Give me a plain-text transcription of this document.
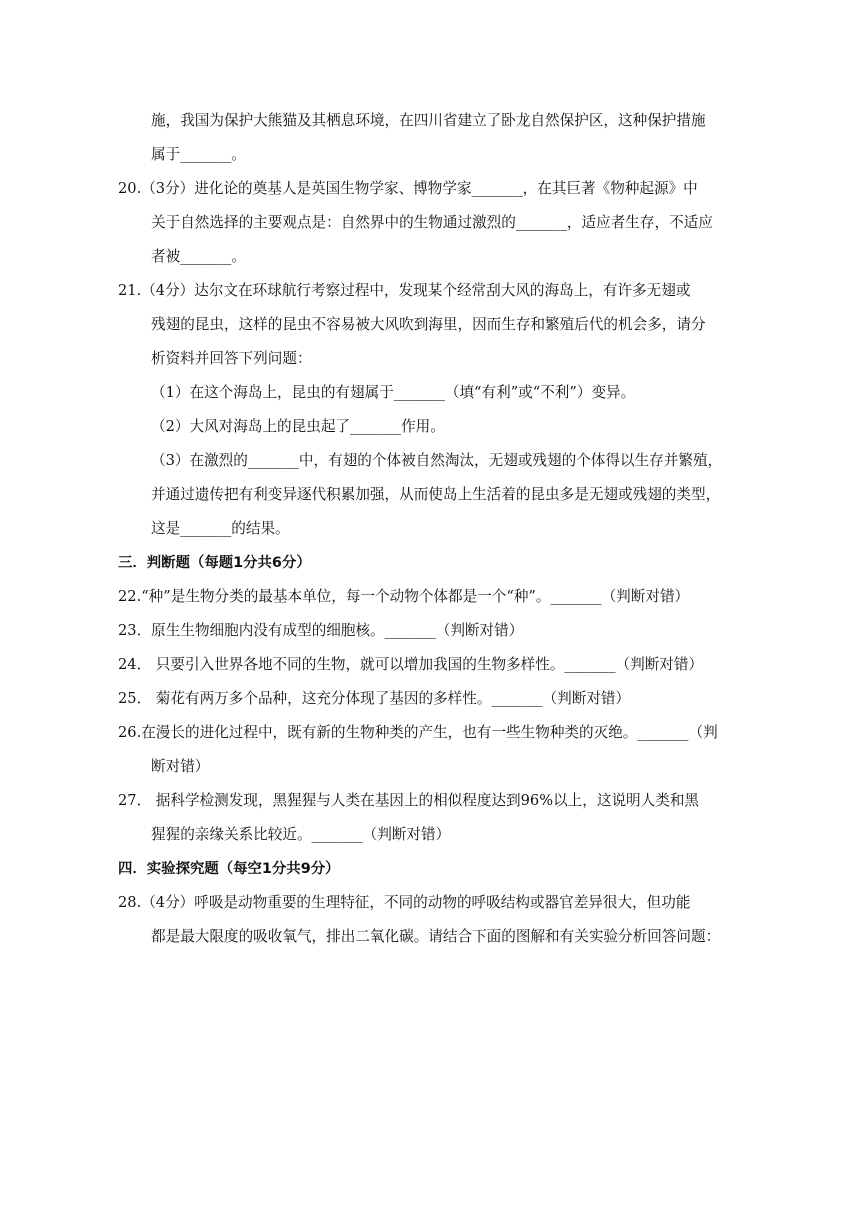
施，我国为保护大熊猫及其栖息环境，在四川省建立了卧龙自然保护区，这种保护措施
属于_______。
20.（3分）进化论的奠基人是英国生物学家、博物学家_______，在其巨著《物种起源》中
关于自然选择的主要观点是：自然界中的生物通过激烈的_______，适应者生存，不适应
者被_______。
21.（4分）达尔文在环球航行考察过程中，发现某个经常刮大风的海岛上，有许多无翅或
残翅的昆虫，这样的昆虫不容易被大风吹到海里，因而生存和繁殖后代的机会多，请分
析资料并回答下列问题：
（1）在这个海岛上，昆虫的有翅属于_______（填“有利”或“不利”）变异。
（2）大风对海岛上的昆虫起了_______作用。
（3）在激烈的_______中，有翅的个体被自然淘汰，无翅或残翅的个体得以生存并繁殖，
并通过遗传把有利变异逐代积累加强，从而使岛上生活着的昆虫多是无翅或残翅的类型，
这是_______的结果。
三．判断题（每题1分共6分）
22.“种”是生物分类的最基本单位，每一个动物个体都是一个“种”。_______（判断对错）
23．原生生物细胞内没有成型的细胞核。_______（判断对错）
24． 只要引入世界各地不同的生物，就可以增加我国的生物多样性。_______（判断对错）
25． 菊花有两万多个品种，这充分体现了基因的多样性。_______（判断对错）
26.在漫长的进化过程中，既有新的生物种类的产生，也有一些生物种类的灭绝。_______（判
断对错）
27． 据科学检测发现，黑猩猩与人类在基因上的相似程度达到96%以上，这说明人类和黑
猩猩的亲缘关系比较近。_______（判断对错）
四．实验探究题（每空1分共9分）
28.（4分）呼吸是动物重要的生理特征，不同的动物的呼吸结构或器官差异很大，但功能
都是最大限度的吸收氧气，排出二氧化碳。请结合下面的图解和有关实验分析回答问题：
